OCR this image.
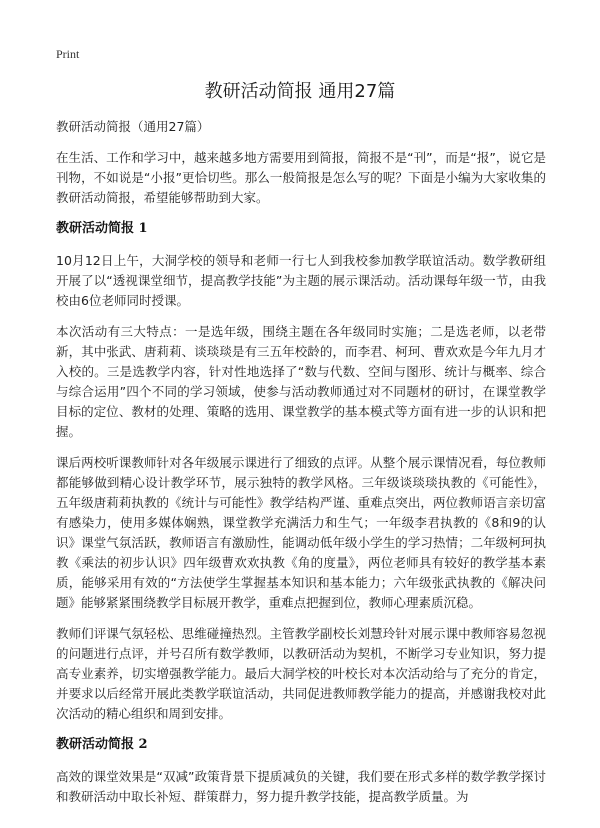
Print
教研活动简报 通用27篇

教研活动简报（通用27篇）

在生活、工作和学习中，越来越多地方需要用到简报，简报不是“刊”，而是“报”，说它是刊物，不如说是“小报”更恰切些。那么一般简报是怎么写的呢？下面是小编为大家收集的教研活动简报，希望能够帮助到大家。

教研活动简报 1

10月12日上午，大洞学校的领导和老师一行七人到我校参加教学联谊活动。数学教研组开展了以“透视课堂细节，提高教学技能”为主题的展示课活动。活动课每年级一节，由我校由6位老师同时授课。

本次活动有三大特点：一是选年级，围绕主题在各年级同时实施；二是选老师，以老带新，其中张武、唐莉莉、谈琰琰是有三五年校龄的，而李君、柯珂、曹欢欢是今年九月才入校的。三是选教学内容，针对性地选择了“数与代数、空间与图形、统计与概率、综合与综合运用”四个不同的学习领域，使参与活动教师通过对不同题材的研讨，在课堂教学目标的定位、教材的处理、策略的选用、课堂教学的基本模式等方面有进一步的认识和把握。

课后两校听课教师针对各年级展示课进行了细致的点评。从整个展示课情况看，每位教师都能够做到精心设计教学环节，展示独特的教学风格。三年级谈琰琰执教的《可能性》，五年级唐莉莉执教的《统计与可能性》教学结构严谨、重难点突出，两位教师语言亲切富有感染力，使用多媒体娴熟，课堂教学充满活力和生气；一年级李君执教的《8和9的认识》课堂气氛活跃，教师语言有激励性，能调动低年级小学生的学习热情；二年级柯珂执教《乘法的初步认识》四年级曹欢欢执教《角的度量》，两位老师具有较好的教学基本素质，能够采用有效的“方法使学生掌握基本知识和基本能力；六年级张武执教的《解决问题》能够紧紧围绕教学目标展开教学，重难点把握到位，教师心理素质沉稳。

教师们评课气氛轻松、思维碰撞热烈。主管教学副校长刘慧玲针对展示课中教师容易忽视的问题进行点评，并号召所有数学教师，以教研活动为契机，不断学习专业知识，努力提高专业素养，切实增强教学能力。最后大洞学校的叶校长对本次活动给与了充分的肯定，并要求以后经常开展此类教学联谊活动，共同促进教师教学能力的提高，并感谢我校对此次活动的精心组织和周到安排。

教研活动简报 2

高效的课堂效果是“双减”政策背景下提质减负的关键，我们要在形式多样的数学教学探讨和教研活动中取长补短、群策群力，努力提升教学技能，提高教学质量。为
